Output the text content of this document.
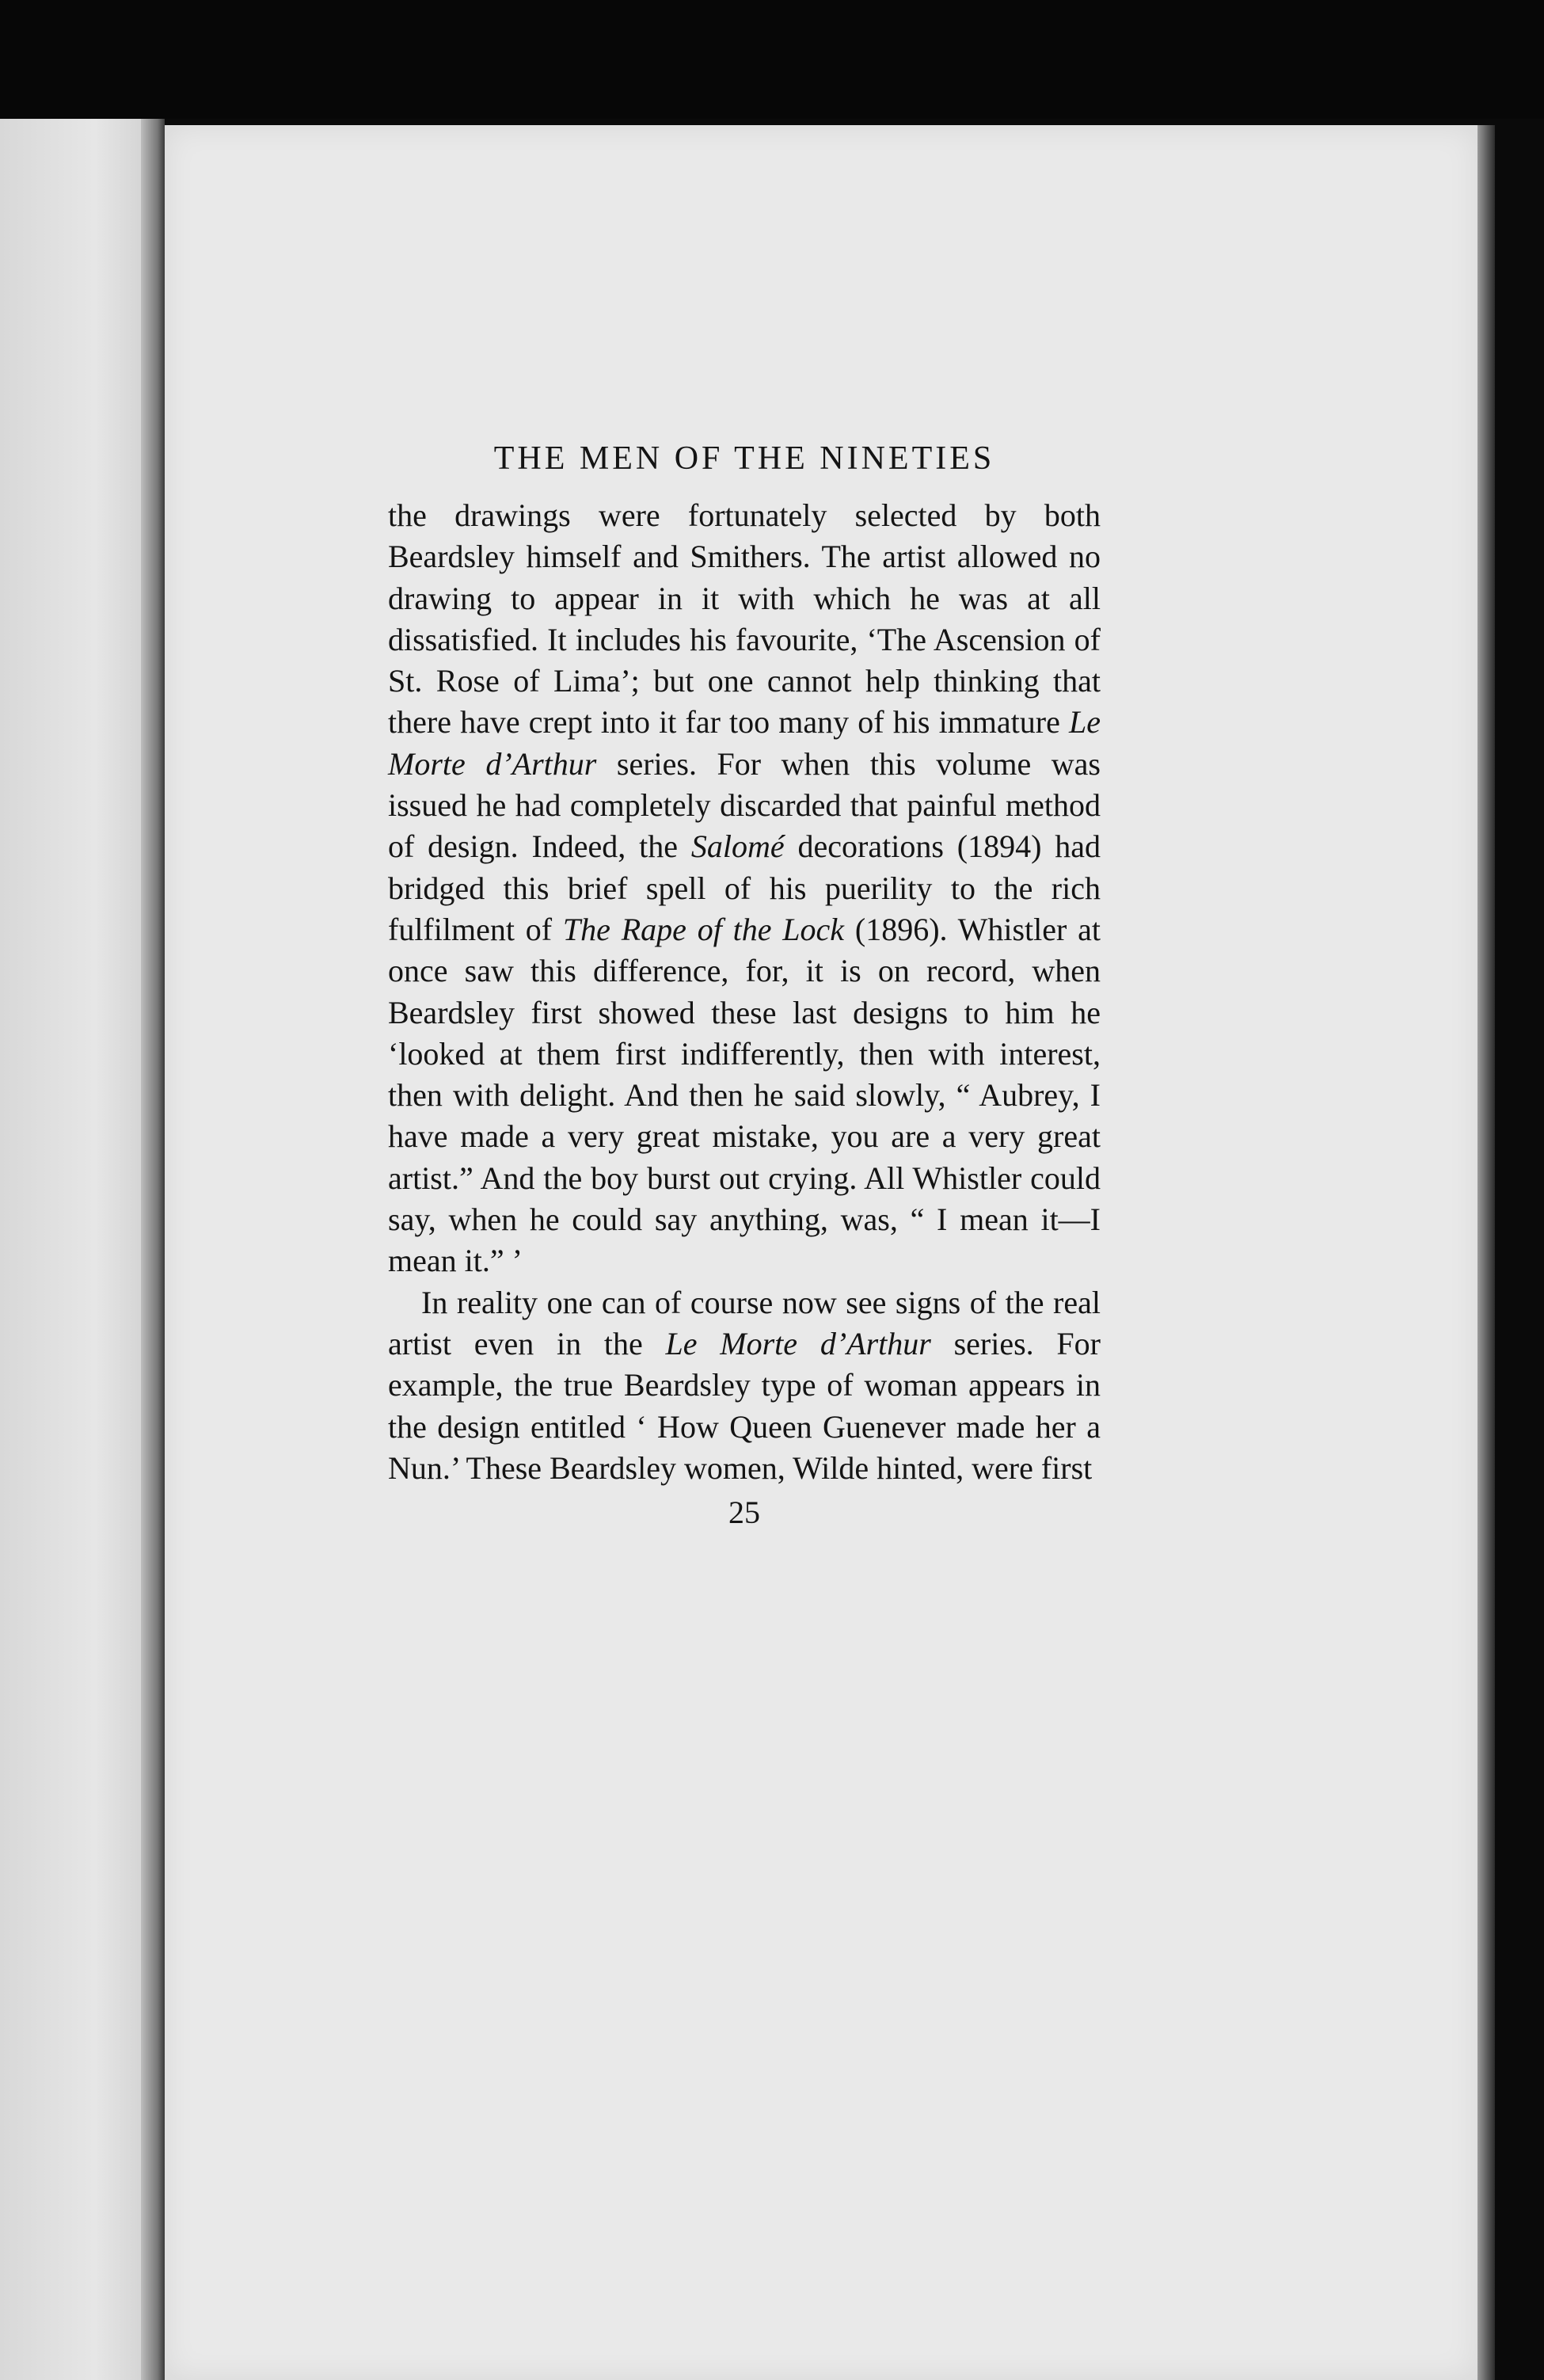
THE MEN OF THE NINETIES

the drawings were fortunately selected by both Beardsley himself and Smithers. The artist allowed no drawing to appear in it with which he was at all dissatisfied. It includes his favourite, ‘The Ascension of St. Rose of Lima’; but one cannot help thinking that there have crept into it far too many of his immature Le Morte d’Arthur series. For when this volume was issued he had completely discarded that painful method of design. Indeed, the Salomé decorations (1894) had bridged this brief spell of his puerility to the rich fulfilment of The Rape of the Lock (1896). Whistler at once saw this difference, for, it is on record, when Beardsley first showed these last designs to him he ‘looked at them first indifferently, then with interest, then with delight. And then he said slowly, “ Aubrey, I have made a very great mistake, you are a very great artist.” And the boy burst out crying. All Whistler could say, when he could say anything, was, “ I mean it—I mean it.” ’

In reality one can of course now see signs of the real artist even in the Le Morte d’Arthur series. For example, the true Beardsley type of woman appears in the design entitled ‘ How Queen Guenever made her a Nun.’ These Beardsley women, Wilde hinted, were first

25
